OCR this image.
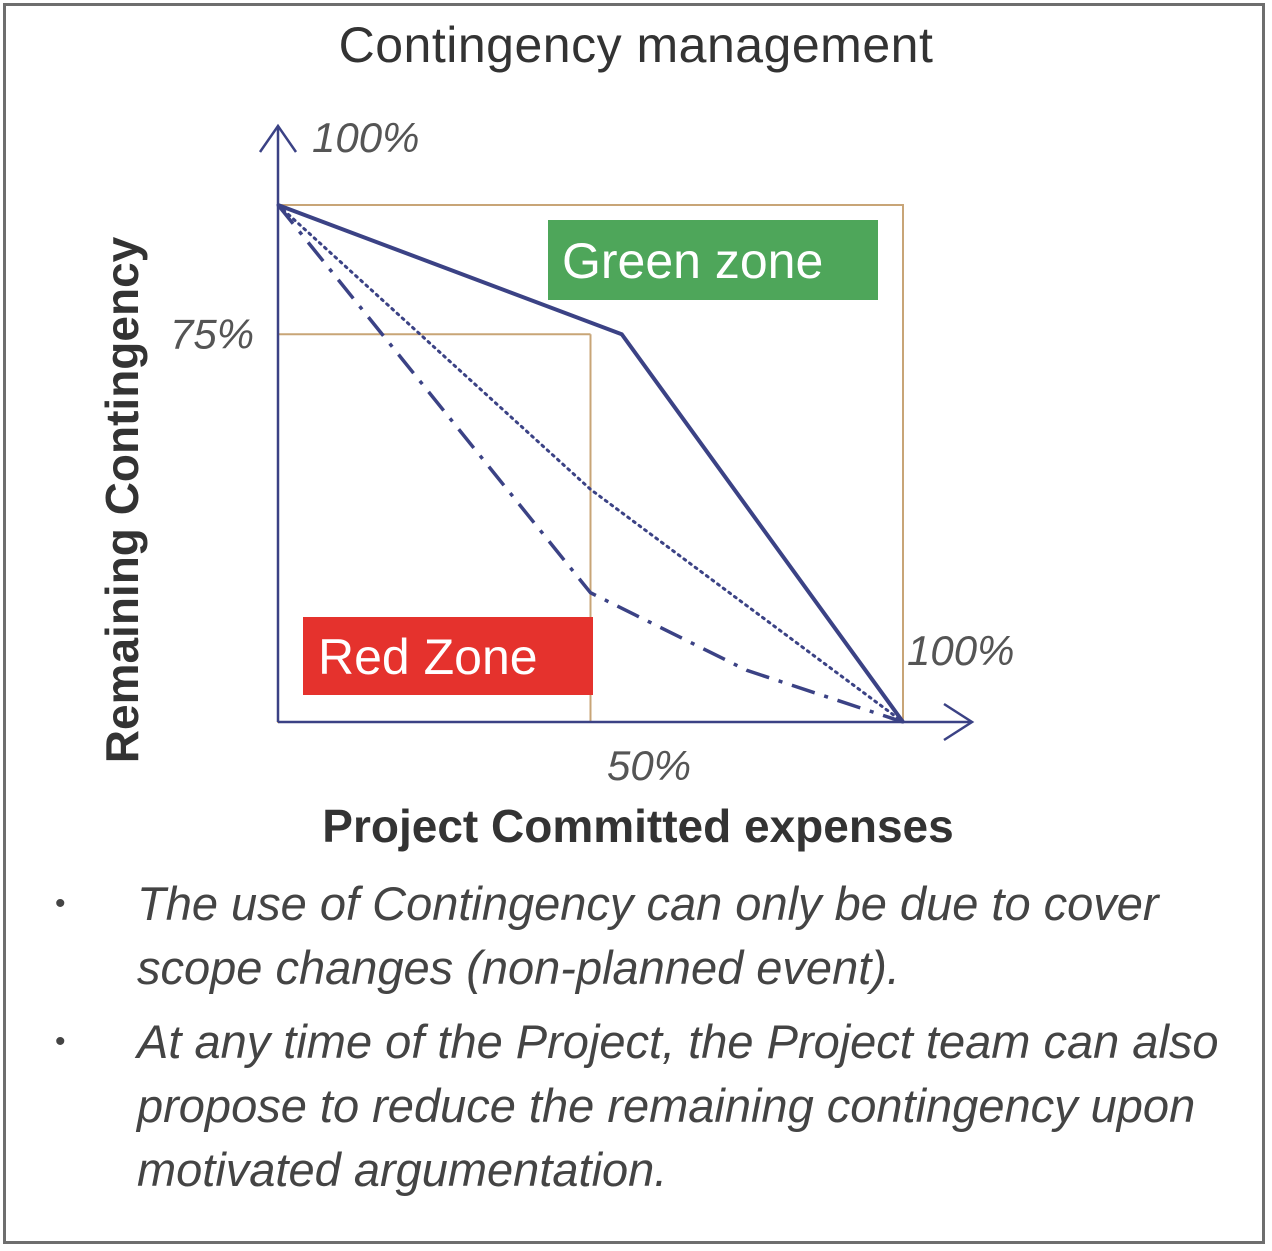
Contingency management
Green zone
Red Zone
100%
75%
50%
100%
Project Committed expenses
Remaining Contingency
• The use of Contingency can only be due to cover scope changes (non-planned event).
• At any time of the Project, the Project team can also propose to reduce the remaining contingency upon motivated argumentation.
